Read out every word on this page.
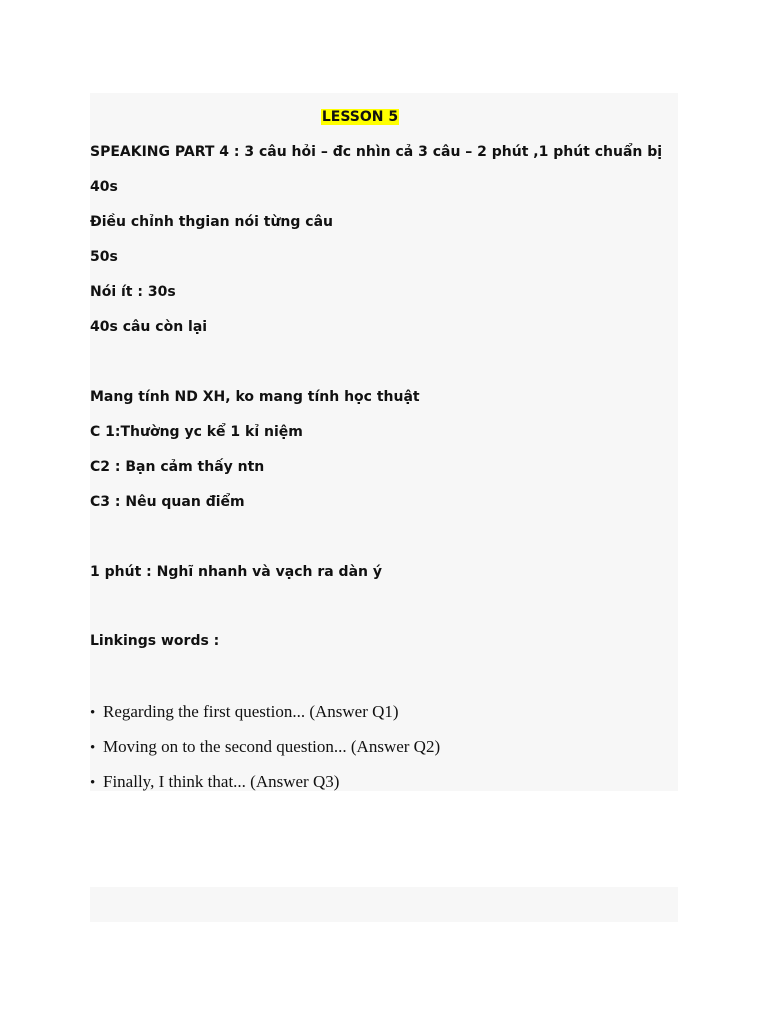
LESSON 5
SPEAKING PART 4 : 3 câu hỏi – đc nhìn cả 3 câu – 2 phút ,1 phút chuẩn bị
40s
Điều chỉnh thgian nói từng câu
50s
Nói ít : 30s
40s câu còn lại
Mang tính ND XH, ko mang tính học thuật
C 1:Thường yc kể 1 kỉ niệm
C2 : Bạn cảm thấy ntn
C3 : Nêu quan điểm
1 phút : Nghĩ nhanh và vạch ra dàn ý
Linkings words :
• Regarding the first question... (Answer Q1)
• Moving on to the second question... (Answer Q2)
• Finally, I think that... (Answer Q3)
